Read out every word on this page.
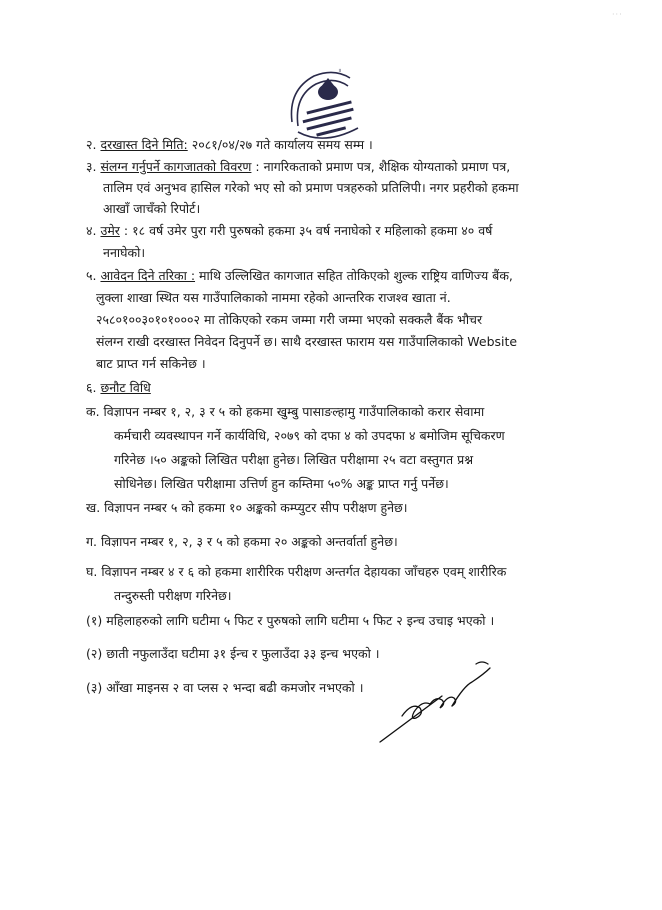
···
॥
२. दरखास्त दिने मिति: २०८१/०४/२७ गते कार्यालय समय सम्म ।
३. संलग्न गर्नुपर्ने कागजातको विवरण : नागरिकताको प्रमाण पत्र, शैक्षिक योग्यताको प्रमाण पत्र,
तालिम एवं अनुभव हासिल गरेको भए सो को प्रमाण पत्रहरुको प्रतिलिपी। नगर प्रहरीको हकमा
आखाँ जाचँको रिपोर्ट।
४. उमेर : १८ वर्ष उमेर पुरा गरी पुरुषको हकमा ३५ वर्ष ननाघेको र महिलाको हकमा ४० वर्ष
ननाघेको।
५. आवेदन दिने तरिका : माथि उल्लिखित कागजात सहित तोकिएको शुल्क राष्ट्रिय वाणिज्य बैंक,
लुक्ला शाखा स्थित यस गाउँपालिकाको नाममा रहेको आन्तरिक राजश्व खाता नं.
२५८०१००३०१०१०००२ मा तोकिएको रकम जम्मा गरी जम्मा भएको सक्कलै बैंक भौचर
संलग्न राखी दरखास्त निवेदन दिनुपर्ने छ। साथै दरखास्त फाराम यस गाउँपालिकाको Website
बाट प्राप्त गर्न सकिनेछ ।
६. छनौट विधि
क. विज्ञापन नम्बर १, २, ३ र ५ को हकमा खुम्बु पासाङल्हामु गाउँपालिकाको करार सेवामा
कर्मचारी व्यवस्थापन गर्ने कार्यविधि, २०७९ को दफा ४ को उपदफा ४ बमोजिम सूचिकरण
गरिनेछ ।५० अङ्कको लिखित परीक्षा हुनेछ। लिखित परीक्षामा २५ वटा वस्तुगत प्रश्न
सोधिनेछ। लिखित परीक्षामा उत्तिर्ण हुन कम्तिमा ५०% अङ्क प्राप्त गर्नु पर्नेछ।
ख. विज्ञापन नम्बर ५ को हकमा १० अङ्कको कम्प्युटर सीप परीक्षण हुनेछ।
ग. विज्ञापन नम्बर १, २, ३ र ५ को हकमा २० अङ्कको अन्तर्वार्ता हुनेछ।
घ. विज्ञापन नम्बर ४ र ६ को हकमा शारीरिक परीक्षण अन्तर्गत देहायका जाँचहरु एवम् शारीरिक
तन्दुरुस्ती परीक्षण गरिनेछ।
(१) महिलाहरुको लागि घटीमा ५ फिट र पुरुषको लागि घटीमा ५ फिट २ इन्च उचाइ भएको ।
(२) छाती नफुलाउँदा घटीमा ३१ ईन्च र फुलाउँदा ३३ इन्च भएको ।
(३) आँखा माइनस २ वा प्लस २ भन्दा बढी कमजोर नभएको ।
